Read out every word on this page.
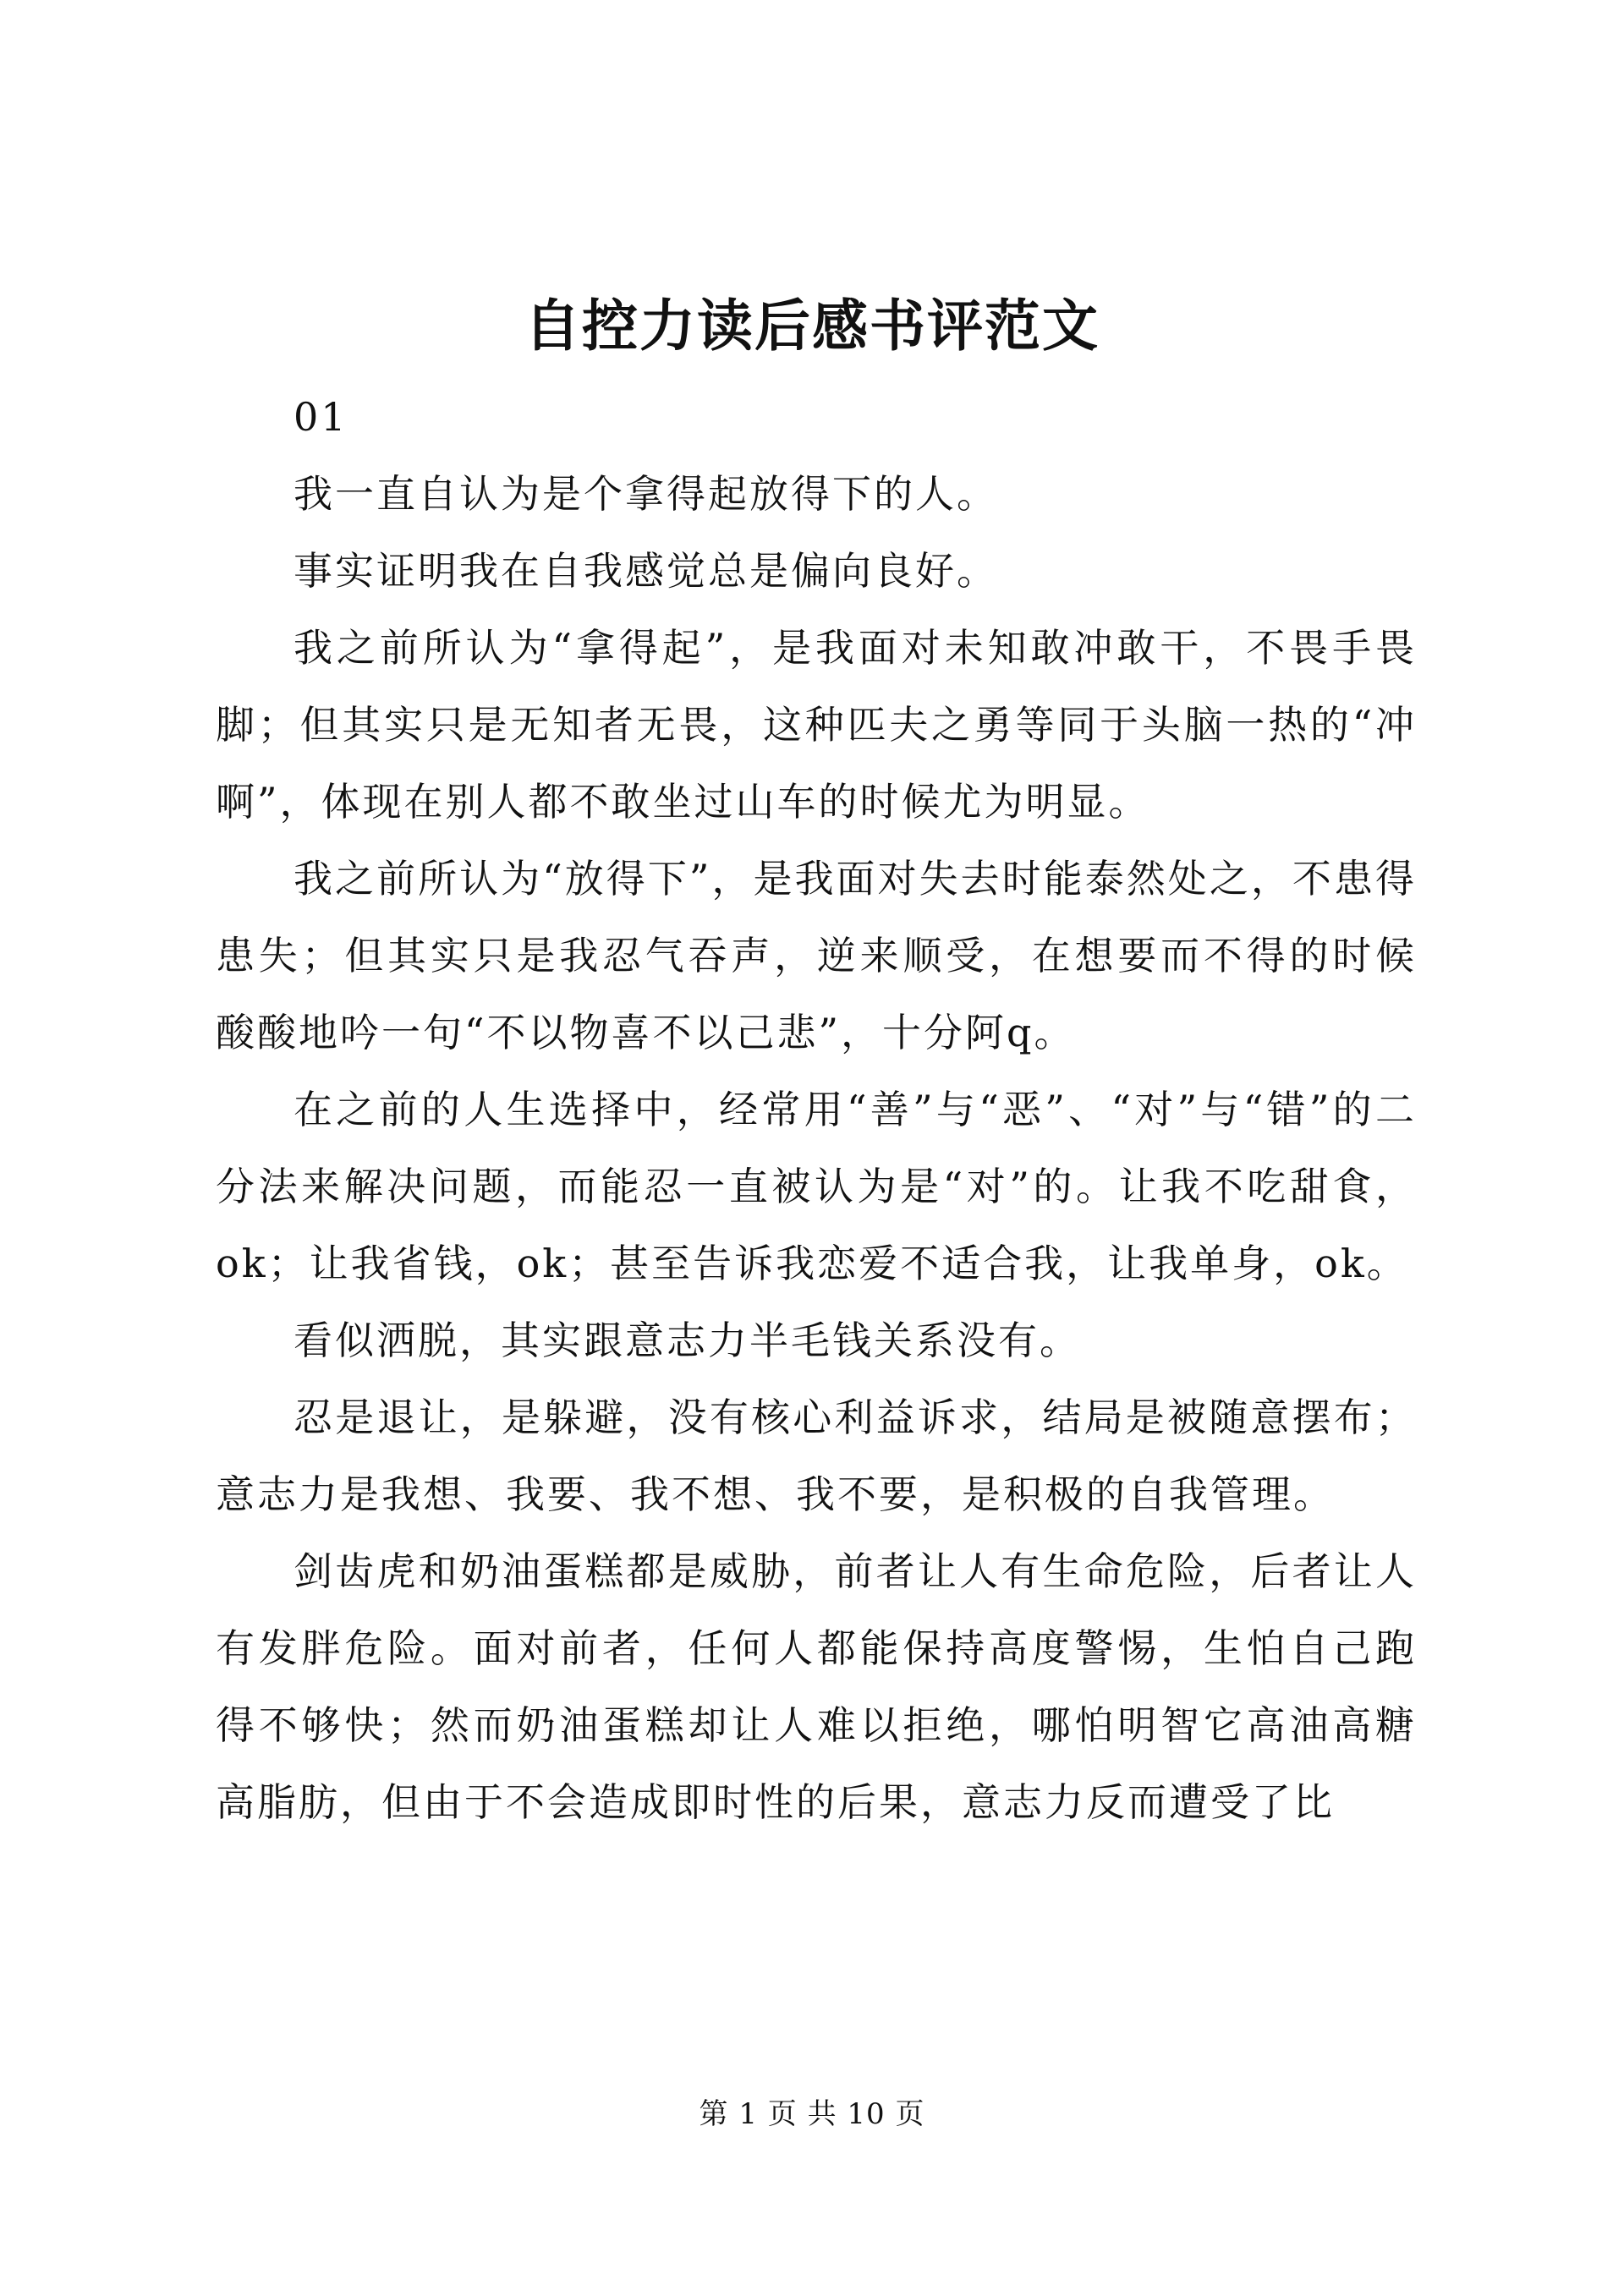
自控力读后感书评范文

01

我一直自认为是个拿得起放得下的人。

事实证明我在自我感觉总是偏向良好。

我之前所认为“拿得起”，是我面对未知敢冲敢干，不畏手畏脚；但其实只是无知者无畏，这种匹夫之勇等同于头脑一热的“冲啊”，体现在别人都不敢坐过山车的时候尤为明显。

我之前所认为“放得下”，是我面对失去时能泰然处之，不患得患失；但其实只是我忍气吞声，逆来顺受，在想要而不得的时候酸酸地吟一句“不以物喜不以己悲”，十分阿q。

在之前的人生选择中，经常用“善”与“恶”、“对”与“错”的二分法来解决问题，而能忍一直被认为是“对”的。让我不吃甜食，ok；让我省钱，ok；甚至告诉我恋爱不适合我，让我单身，ok。

看似洒脱，其实跟意志力半毛钱关系没有。

忍是退让，是躲避，没有核心利益诉求，结局是被随意摆布；意志力是我想、我要、我不想、我不要，是积极的自我管理。

剑齿虎和奶油蛋糕都是威胁，前者让人有生命危险，后者让人有发胖危险。面对前者，任何人都能保持高度警惕，生怕自己跑得不够快；然而奶油蛋糕却让人难以拒绝，哪怕明智它高油高糖高脂肪，但由于不会造成即时性的后果，意志力反而遭受了比

第 1 页 共 10 页
